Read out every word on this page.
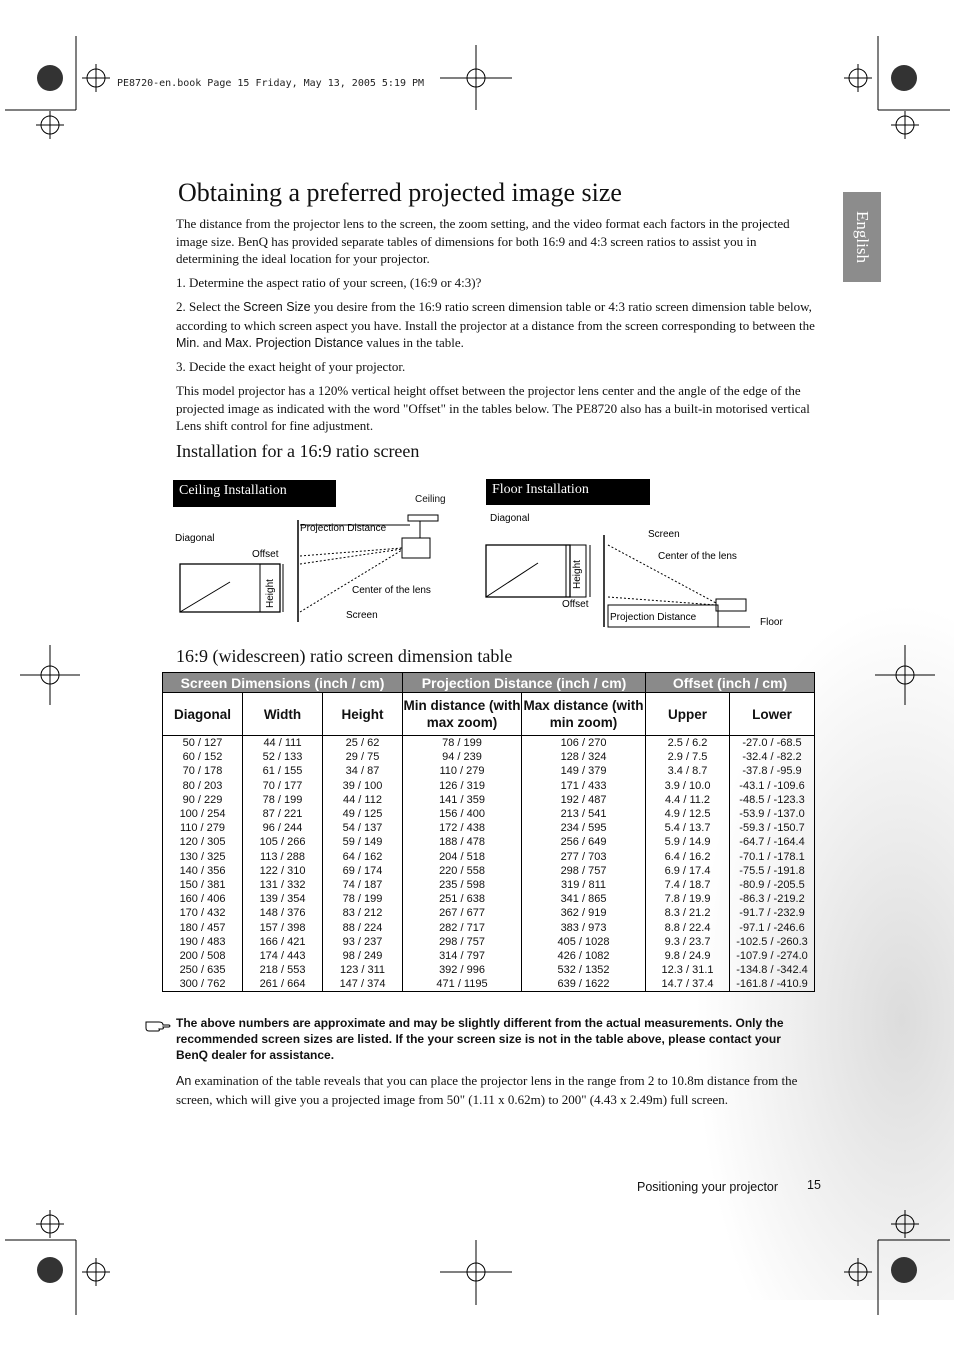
PE8720-en.book Page 15 Friday, May 13, 2005 5:19 PM
English
Obtaining a preferred projected image size

The distance from the projector lens to the screen, the zoom setting, and the video format each factors in the projected image size. BenQ has provided separate tables of dimensions for both 16:9 and 4:3 screen ratios to assist you in determining the ideal location for your projector.

1. Determine the aspect ratio of your screen, (16:9 or 4:3)?

2. Select the Screen Size you desire from the 16:9 ratio screen dimension table or 4:3 ratio screen dimension table below, according to which screen aspect you have. Install the projector at a distance from the screen corresponding to between the Min. and Max. Projection Distance values in the table.

3. Decide the exact height of your projector.

This model projector has a 120% vertical height offset between the projector lens center and the angle of the edge of the projected image as indicated with the word "Offset" in the tables below. The PE8720 also has a built-in motorised vertical Lens shift control for fine adjustment.

Installation for a 16:9 ratio screen
Ceiling Installation
Diagonal
Offset
Projection Distance
Center of the lens
Screen
Height
Ceiling
Floor Installation
Diagonal
Screen
Center of the lens
Offset
Projection Distance	Floor
Height
16:9 (widescreen) ratio screen dimension table
Screen Dimensions (inch / cm)			Projection Distance (inch / cm)		Offset (inch / cm)	
Diagonal	Width	Height	Min distance (with max zoom)	Max distance (with min zoom)	Upper	Lower
50 / 127	44 / 111	25 / 62	78 / 199	106 / 270	2.5 / 6.2	-27.0 / -68.5
60 / 152	52 / 133	29 / 75	94 / 239	128 / 324	2.9 / 7.5	-32.4 / -82.2
70 / 178	61 / 155	34 / 87	110 / 279	149 / 379	3.4 / 8.7	-37.8 / -95.9
80 / 203	70 / 177	39 / 100	126 / 319	171 / 433	3.9 / 10.0	-43.1 / -109.6
90 / 229	78 / 199	44 / 112	141 / 359	192 / 487	4.4 / 11.2	-48.5 / -123.3
100 / 254	87 / 221	49 / 125	156 / 400	213 / 541	4.9 / 12.5	-53.9 / -137.0
110 / 279	96 / 244	54 / 137	172 / 438	234 / 595	5.4 / 13.7	-59.3 / -150.7
120 / 305	105 / 266	59 / 149	188 / 478	256 / 649	5.9 / 14.9	-64.7 / -164.4
130 / 325	113 / 288	64 / 162	204 / 518	277 / 703	6.4 / 16.2	-70.1 / -178.1
140 / 356	122 / 310	69 / 174	220 / 558	298 / 757	6.9 / 17.4	-75.5 / -191.8
150 / 381	131 / 332	74 / 187	235 / 598	319 / 811	7.4 / 18.7	-80.9 / -205.5
160 / 406	139 / 354	78 / 199	251 / 638	341 / 865	7.8 / 19.9	-86.3 / -219.2
170 / 432	148 / 376	83 / 212	267 / 677	362 / 919	8.3 / 21.2	-91.7 / -232.9
180 / 457	157 / 398	88 / 224	282 / 717	383 / 973	8.8 / 22.4	-97.1 / -246.6
190 / 483	166 / 421	93 / 237	298 / 757	405 / 1028	9.3 / 23.7	-102.5 / -260.3
200 / 508	174 / 443	98 / 249	314 / 797	426 / 1082	9.8 / 24.9	-107.9 / -274.0
250 / 635	218 / 553	123 / 311	392 / 996	532 / 1352	12.3 / 31.1	-134.8 / -342.4
300 / 762	261 / 664	147 / 374	471 / 1195	639 / 1622	14.7 / 37.4	-161.8 / -410.9
The above numbers are approximate and may be slightly different from the actual measurements. Only the recommended screen sizes are listed. If the your screen size is not in the table above, please contact your BenQ dealer for assistance.

An examination of the table reveals that you can place the projector lens in the range from 2 to 10.8m distance from the screen, which will give you a projected image from 50" (1.11 x 0.62m) to 200" (4.43 x 2.49m) full screen.

Positioning your projector 15
